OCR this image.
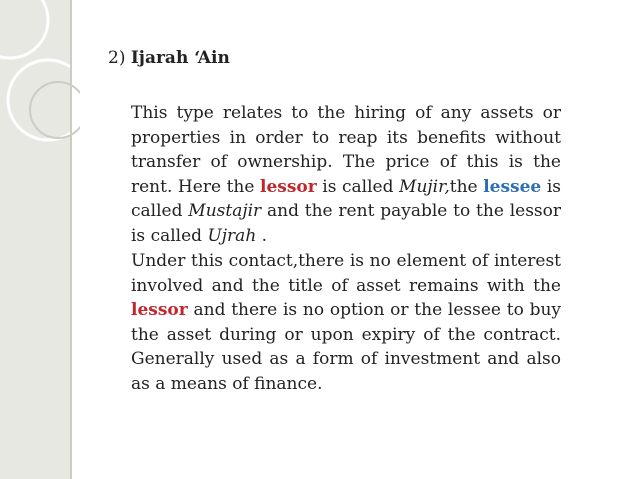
2) Ijarah ‘Ain
This type relates to the hiring of any assets or properties in order to reap its benefits without transfer of ownership. The price of this is the rent. Here the lessor is called Mujir,the lessee is called Mustajir and the rent payable to the lessor is called Ujrah .
Under this contact,there is no element of interest involved and the title of asset remains with the lessor and there is no option or the lessee to buy the asset during or upon expiry of the contract. Generally used as a form of investment and also as a means of finance.
